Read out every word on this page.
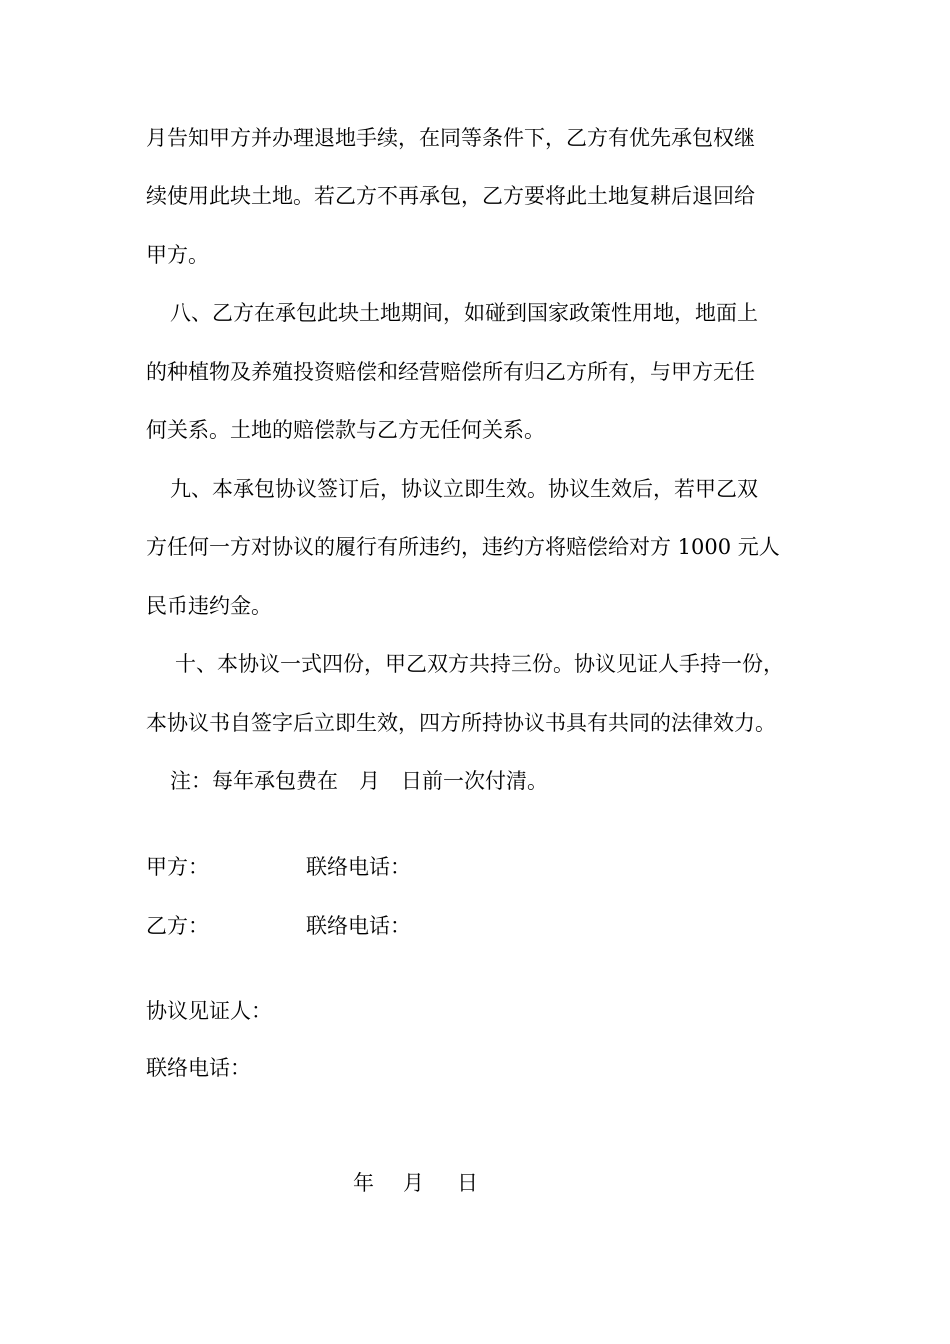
月告知甲方并办理退地手续，在同等条件下，乙方有优先承包权继

续使用此块土地。若乙方不再承包，乙方要将此土地复耕后退回给

甲方。

八、乙方在承包此块土地期间，如碰到国家政策性用地，地面上

的种植物及养殖投资赔偿和经营赔偿所有归乙方所有，与甲方无任

何关系。土地的赔偿款与乙方无任何关系。

九、本承包协议签订后，协议立即生效。协议生效后，若甲乙双

方任何一方对协议的履行有所违约，违约方将赔偿给对方 1000 元人

民币违约金。

十、本协议一式四份，甲乙双方共持三份。协议见证人手持一份，

本协议书自签字后立即生效，四方所持协议书具有共同的法律效力。

注：每年承包费在　月　日前一次付清。

甲方：	联络电话：

乙方：	联络电话：

协议见证人：

联络电话：

年 月 日
